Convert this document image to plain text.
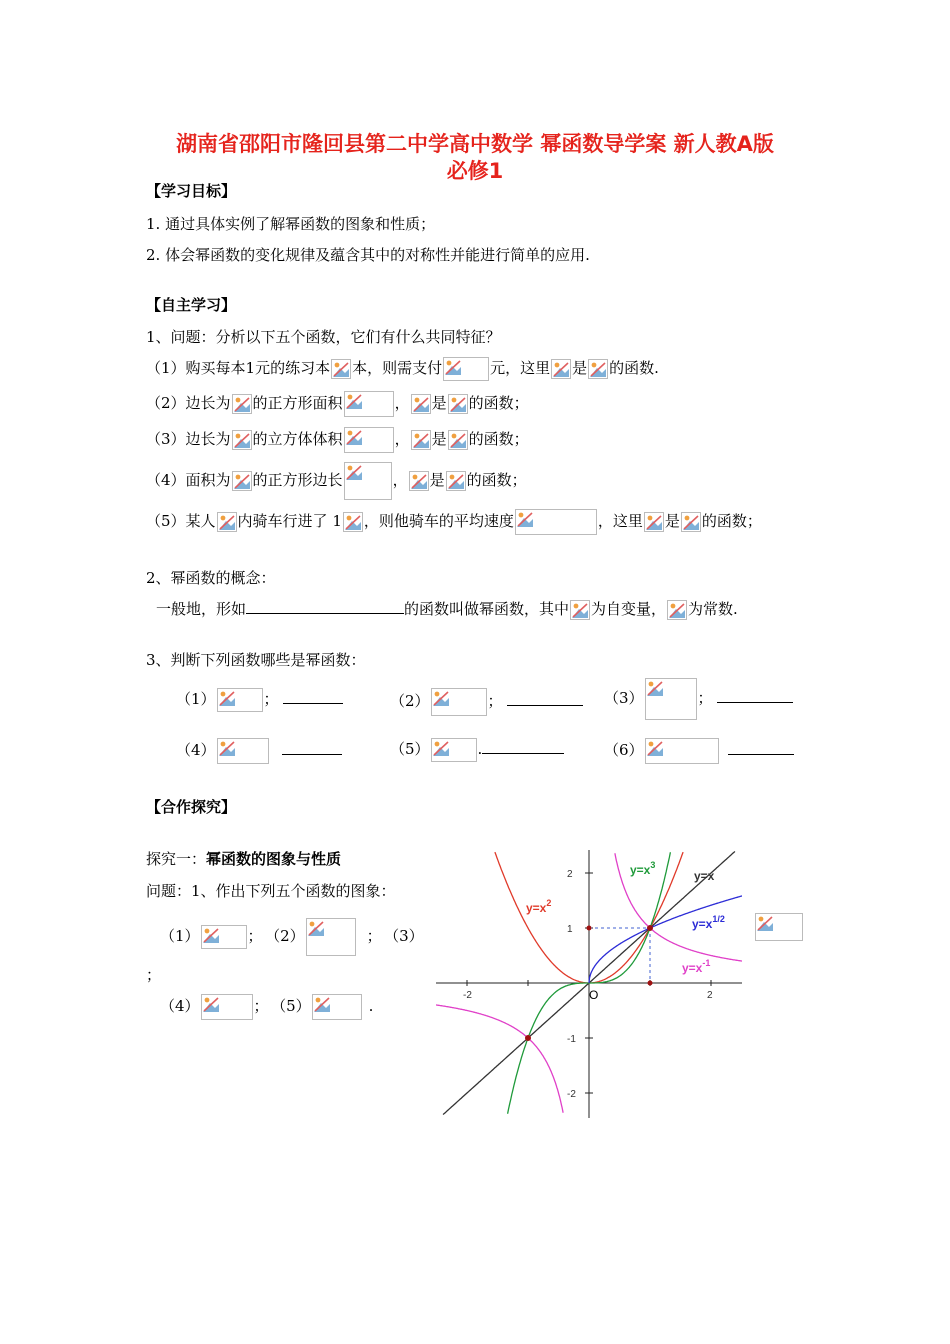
湖南省邵阳市隆回县第二中学高中数学 幂函数导学案 新人教A版
必修1
【学习目标】
1. 通过具体实例了解幂函数的图象和性质；
2. 体会幂函数的变化规律及蕴含其中的对称性并能进行简单的应用.
【自主学习】
1、问题：分析以下五个函数，它们有什么共同特征？
（1）购买每本1元的练习本 本，则需支付	元，这里 是 的函数.
（2）边长为 的正方形面积	， 是 的函数；
（3）边长为 的立方体体积	， 是 的函数；
（4）面积为 的正方形边长	， 是 的函数；
（5）某人 内骑车行进了 1 ，则他骑车的平均速度	，这里 是 的函数；
2、幂函数的概念：
一般地，形如	的函数叫做幂函数，其中 为自变量， 为常数.
3、判断下列函数哪些是幂函数：
（1）	；	（2）	；	（3）	；
（4）	（5）	.	（6）
【合作探究】
探究一：幂函数的图象与性质
问题：1、作出下列五个函数的图象：
（1）	； （2）	； （3）
；
（4）	； （5）	.
-2	2
2
1
-1
-2
O
y=x
$y=x^2$
$y=x^3$
$y=x^{1/2}$
$y=x^{-1}$
